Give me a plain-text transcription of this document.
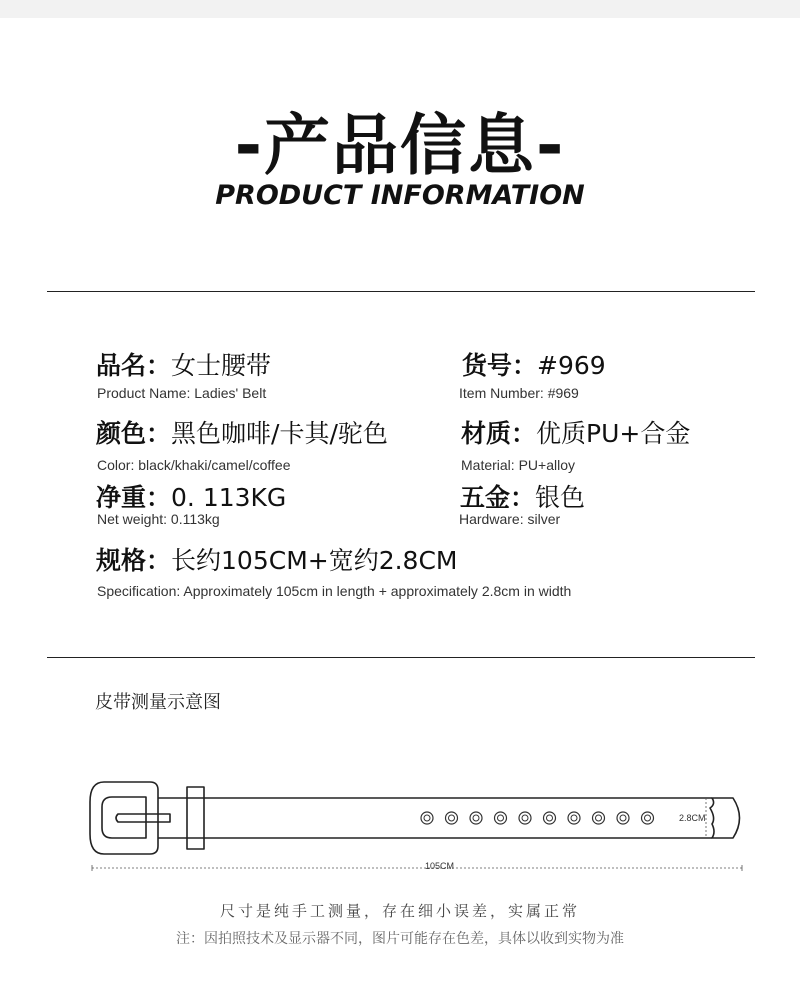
-产品信息-
PRODUCT INFORMATION
品名：女士腰带
Product Name: Ladies' Belt
货号：#969
Item Number: #969
颜色：黑色咖啡/卡其/驼色
Color: black/khaki/camel/coffee
材质：优质PU+合金
Material: PU+alloy
净重：0. 113KG
Net weight: 0.113kg
五金：银色
Hardware: silver
规格：长约105CM+宽约2.8CM
Specification: Approximately 105cm in length + approximately 2.8cm in width
皮带测量示意图
105CM
2.8CM
尺寸是纯手工测量，存在细小误差，实属正常
注：因拍照技术及显示器不同，图片可能存在色差，具体以收到实物为准
